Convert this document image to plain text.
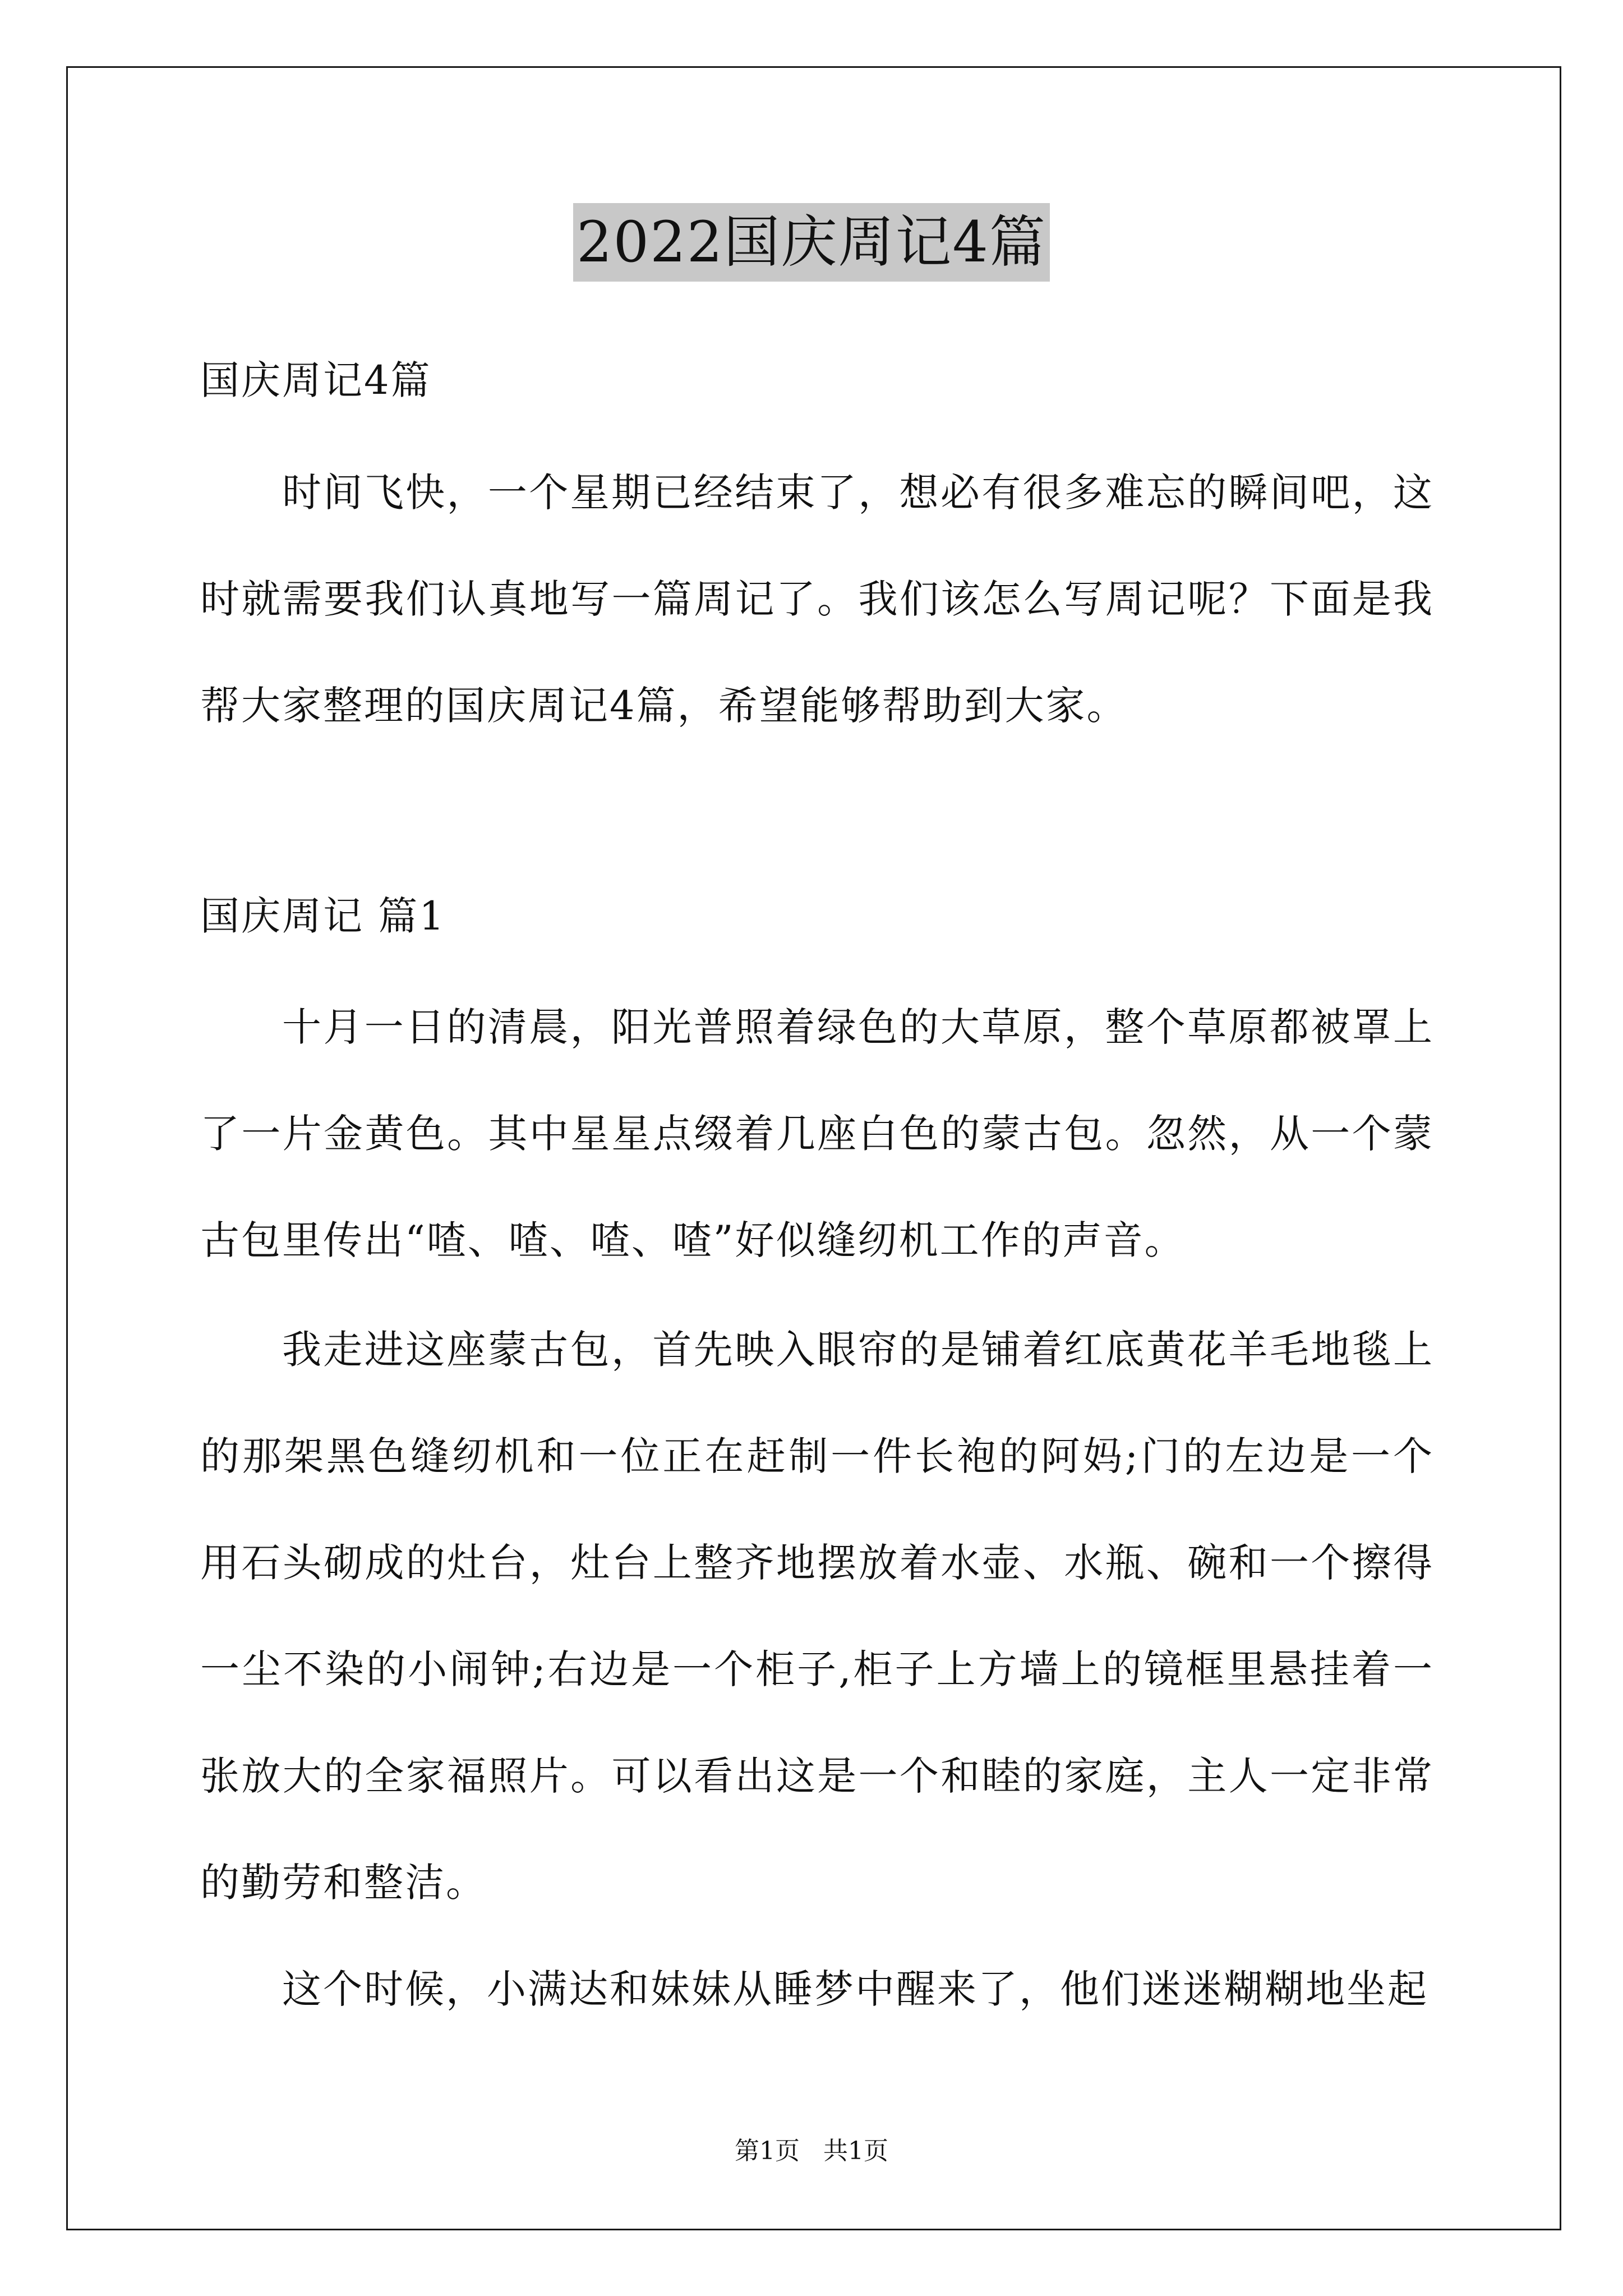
2022国庆周记4篇

国庆周记4篇

时间飞快，一个星期已经结束了，想必有很多难忘的瞬间吧，这时就需要我们认真地写一篇周记了。我们该怎么写周记呢？下面是我帮大家整理的国庆周记4篇，希望能够帮助到大家。

国庆周记 篇1

十月一日的清晨，阳光普照着绿色的大草原，整个草原都被罩上了一片金黄色。其中星星点缀着几座白色的蒙古包。忽然，从一个蒙古包里传出“喳、喳、喳、喳”好似缝纫机工作的声音。

我走进这座蒙古包，首先映入眼帘的是铺着红底黄花羊毛地毯上的那架黑色缝纫机和一位正在赶制一件长袍的阿妈;门的左边是一个用石头砌成的灶台，灶台上整齐地摆放着水壶、水瓶、碗和一个擦得一尘不染的小闹钟;右边是一个柜子,柜子上方墙上的镜框里悬挂着一张放大的全家福照片。可以看出这是一个和睦的家庭，主人一定非常的勤劳和整洁。

这个时候，小满达和妹妹从睡梦中醒来了，他们迷迷糊糊地坐起

第1页 共1页
